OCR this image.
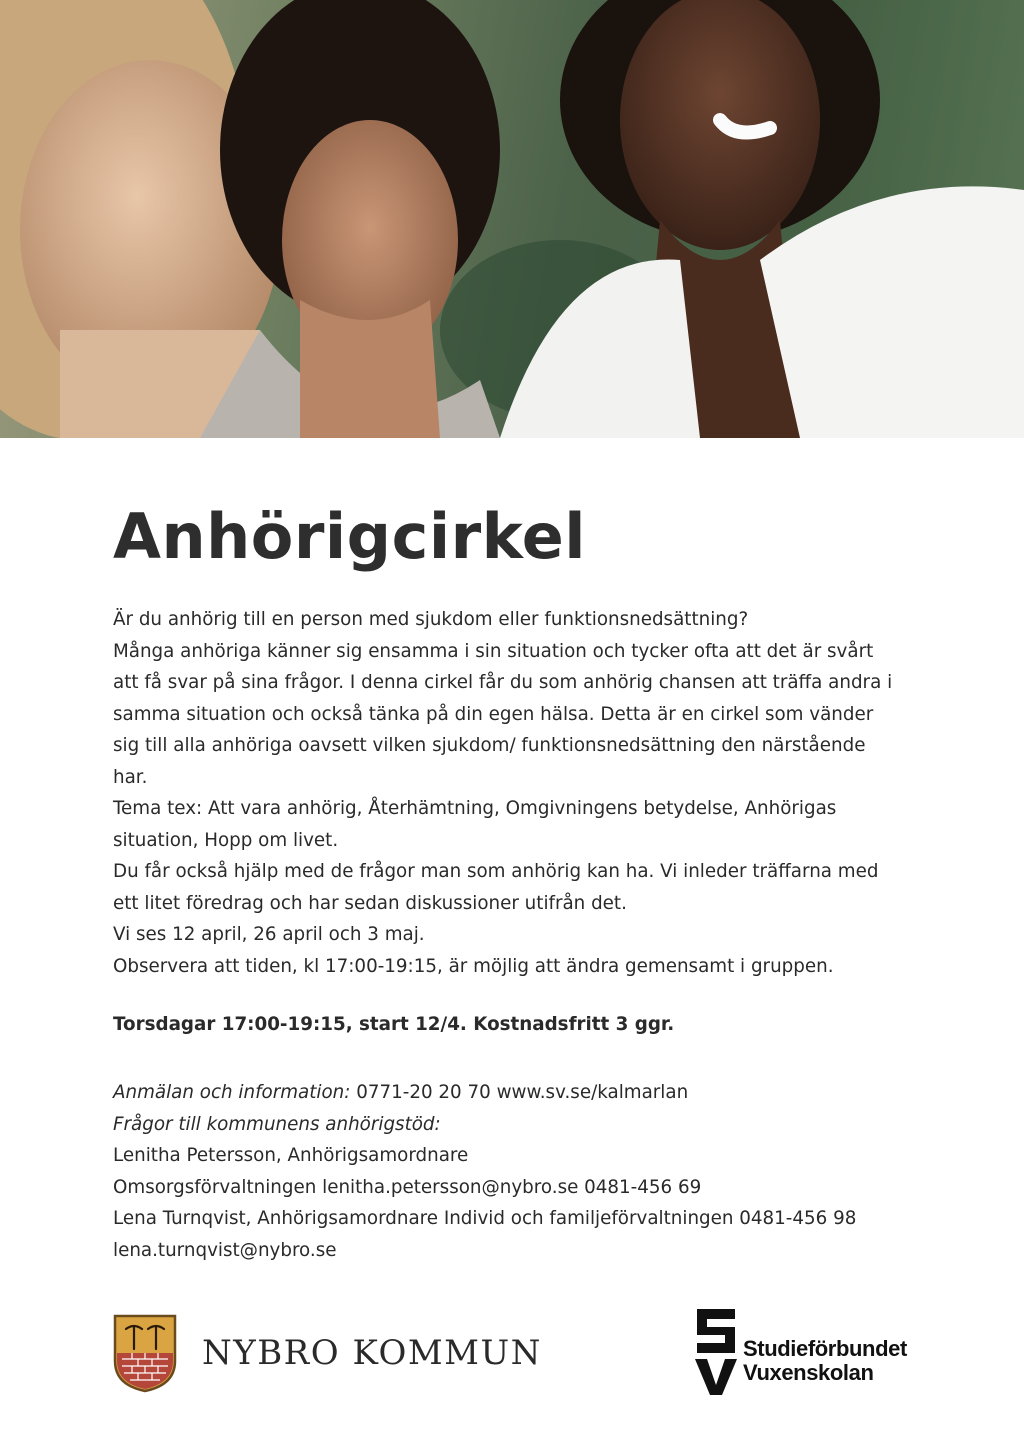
Anhörigcirkel

Är du anhörig till en person med sjukdom eller funktionsnedsättning?

Många anhöriga känner sig ensamma i sin situation och tycker ofta att det är svårt att få svar på sina frågor. I denna cirkel får du som anhörig chansen att träffa andra i samma situation och också tänka på din egen hälsa. Detta är en cirkel som vänder sig till alla anhöriga oavsett vilken sjukdom/ funktionsnedsättning den närstående har.

Tema tex: Att vara anhörig, Återhämtning, Omgivningens betydelse, Anhörigas situation, Hopp om livet.

Du får också hjälp med de frågor man som anhörig kan ha. Vi inleder träffarna med ett litet föredrag och har sedan diskussioner utifrån det.

Vi ses 12 april, 26 april och 3 maj.

Observera att tiden, kl 17:00-19:15, är möjlig att ändra gemensamt i gruppen.

Torsdagar 17:00-19:15, start 12/4. Kostnadsfritt 3 ggr.

Anmälan och information: 0771-20 20 70 www.sv.se/kalmarlan

Frågor till kommunens anhörigstöd:

Lenitha Petersson, Anhörigsamordnare

Omsorgsförvaltningen lenitha.petersson@nybro.se 0481-456 69

Lena Turnqvist, Anhörigsamordnare Individ och familjeförvaltningen 0481-456 98 lena.turnqvist@nybro.se

NYBRO KOMMUN	Studieförbundet
Vuxenskolan
